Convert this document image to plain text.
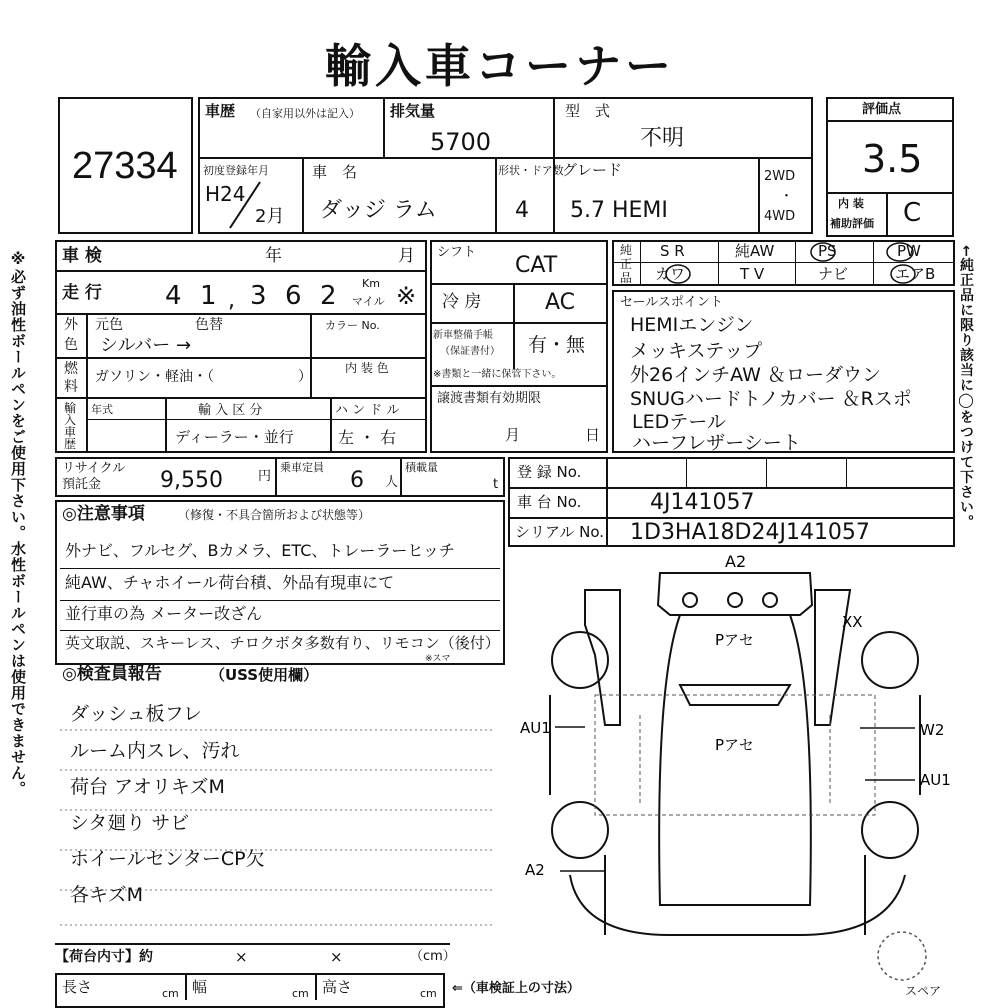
輸入車コーナー
※必ず油性ボールペンをご使用下さい。水性ボールペンは使用できません。	←純正品に限り該当に◯をつけて下さい。
27334
車歴 （自家用以外は記入） 排気量
5700
型　式
不明
初度登録年月
H24
2月
車　名
ダッジ ラム
形状・ドア数
4
グレード
5.7 HEMI
2WD
・
4WD
評価点
3.5
内 装
補助評価 C
車 検	年	月
走 行 4 1 , 3 6 2 Km
マイル ※
外
色
元色	色替	カラー No.
シルバー →
燃
料
ガソリン・軽油・（　　　　　　）
内 装 色
輸
入
車
歴
年式	輸 入 区 分
ディーラー・並行
ハ ン ド ル
左 ・ 右
シフト
CAT
冷 房	AC
新車整備手帳
（保証書付） 有・無
※書類と一緒に保管下さい。
譲渡書類有効期限
月	日
純
正
品
S R	純AW	PS	PW
カワ	T V	ナビ	エアB
セールスポイント
HEMIエンジン
メッキステップ
外26インチAW ＆ローダウン
SNUGハードトノカバー ＆Rスポ
LEDテール
ハーフレザーシート
リサイクル
預託金	9,550	円
乗車定員
6 人
積載量
t
登 録 No.
車 台 No.	4J141057
シリアル No. 1D3HA18D24J141057
◎注意事項	（修復・不具合箇所および状態等）
外ナビ、フルセグ、Bカメラ、ETC、トレーラーヒッチ
純AW、チャホイール荷台積、外品有現車にて
並行車の為 メーター改ざん
英文取説、スキーレス、チロクボタ多数有り、リモコン（後付）
※スマ
◎検査員報告	（USS使用欄）
ダッシュ板フレ
ルーム内スレ、汚れ
荷台 アオリキズM
シタ廻り サビ
ホイールセンターCP欠
各キズM
A2
XX
AU1	W2
AU1
A2
Pアセ
Pアセ
スペア
【荷台内寸】約	×	×	（cm）
長さ	cm 幅	cm 高さ	cm ⇐（車検証上の寸法）
